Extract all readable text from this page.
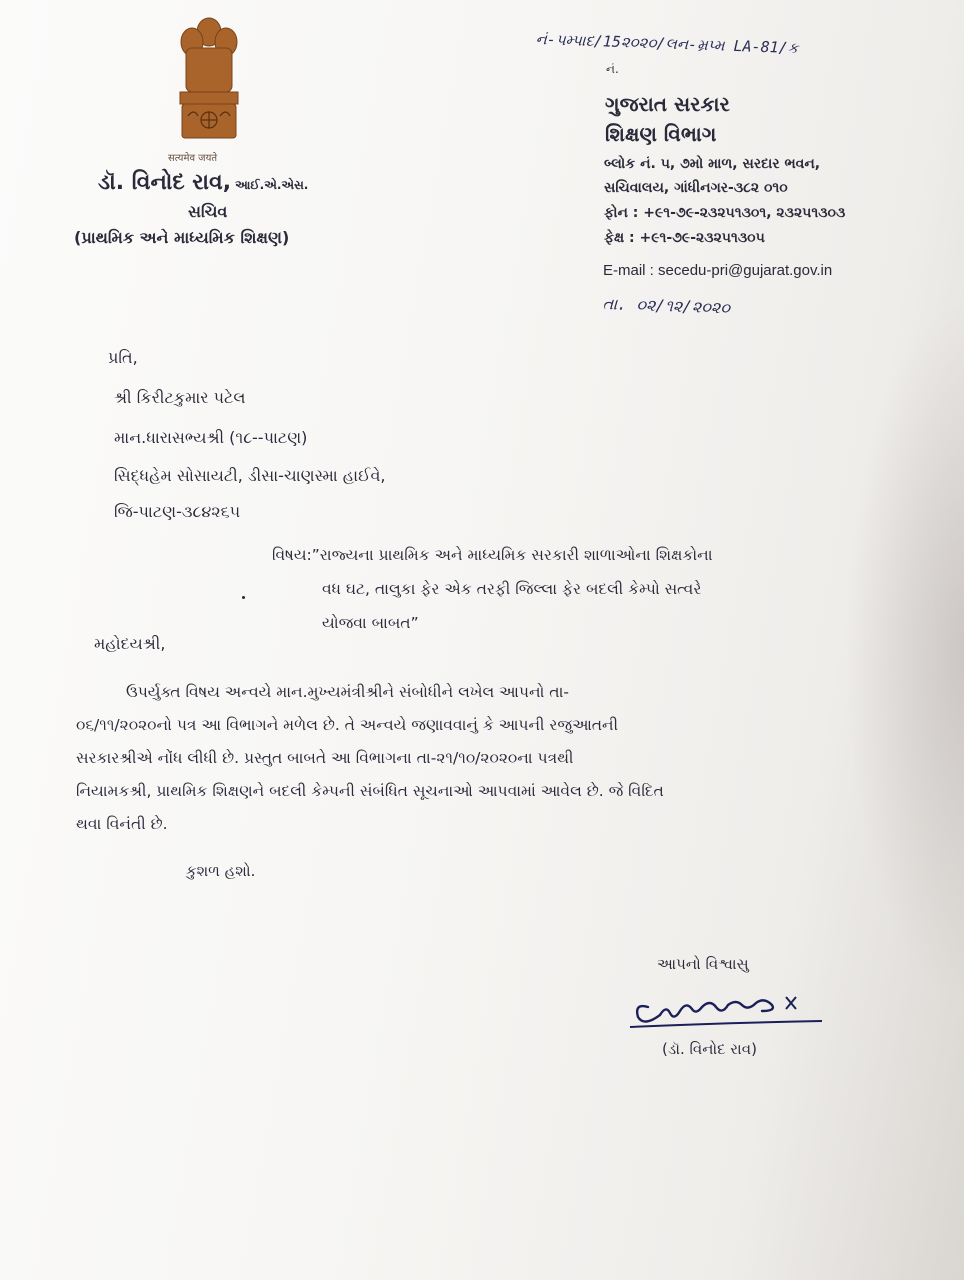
सत्यमेव जयते
ડૉ. વિનોદ રાવ, આઈ.એ.એસ.
સચિવ
(પ્રાથમિક અને માધ્યમિક શિક્ષણ)
નં-પમ્પાદ/15૨૦૨૦/લન-મ્રપ્મ LA-81/ક
નં.
ગુજરાત સરકાર
શિક્ષણ વિભાગ
બ્લોક નં. ૫, ૭મો માળ, સરદાર ભવન,
સચિવાલય, ગાંધીનગર-૩૮૨ ૦૧૦
ફોન : +૯૧-૭૯-૨૩૨૫૧૩૦૧, ૨૩૨૫૧૩૦૩
ફેક્ષ : +૯૧-૭૯-૨૩૨૫૧૩૦૫
E-mail : secedu-pri@gujarat.gov.in
તા. ૦૨/૧૨/૨૦૨૦
પ્રતિ,
શ્રી કિરીટકુમાર પટેલ
માન.ધારાસભ્યશ્રી (૧૮--પાટણ)
સિદ્ધહેમ સોસાયટી, ડીસા-ચાણસ્મા હાઈવે,
જિ-પાટણ-૩૮૪૨૬૫
વિષય:”રાજ્યના પ્રાથમિક અને માધ્યમિક સરકારી શાળાઓના શિક્ષકોના
વધ ઘટ, તાલુકા ફેર એક તરફી જિલ્લા ફેર બદલી કેમ્પો સત્વરે
યોજવા બાબત”
મહોદયશ્રી,
ઉપર્યુક્ત વિષય અન્વયે માન.મુખ્યમંત્રીશ્રીને સંબોધીને લખેલ આપનો તા-
૦૬/૧૧/૨૦૨૦નો પત્ર આ વિભાગને મળેલ છે. તે અન્વયે જણાવવાનું કે આપની રજુઆતની
સરકારશ્રીએ નોંધ લીધી છે. પ્રસ્તુત બાબતે આ વિભાગના તા-૨૧/૧૦/૨૦૨૦ના પત્રથી
નિયામકશ્રી, પ્રાથમિક શિક્ષણને બદલી કેમ્પની સંબંધિત સૂચનાઓ આપવામાં આવેલ છે. જે વિદિત
થવા વિનંતી છે.
કુશળ હશો.
આપનો વિશ્વાસુ
(ડૉ. વિનોદ રાવ)
